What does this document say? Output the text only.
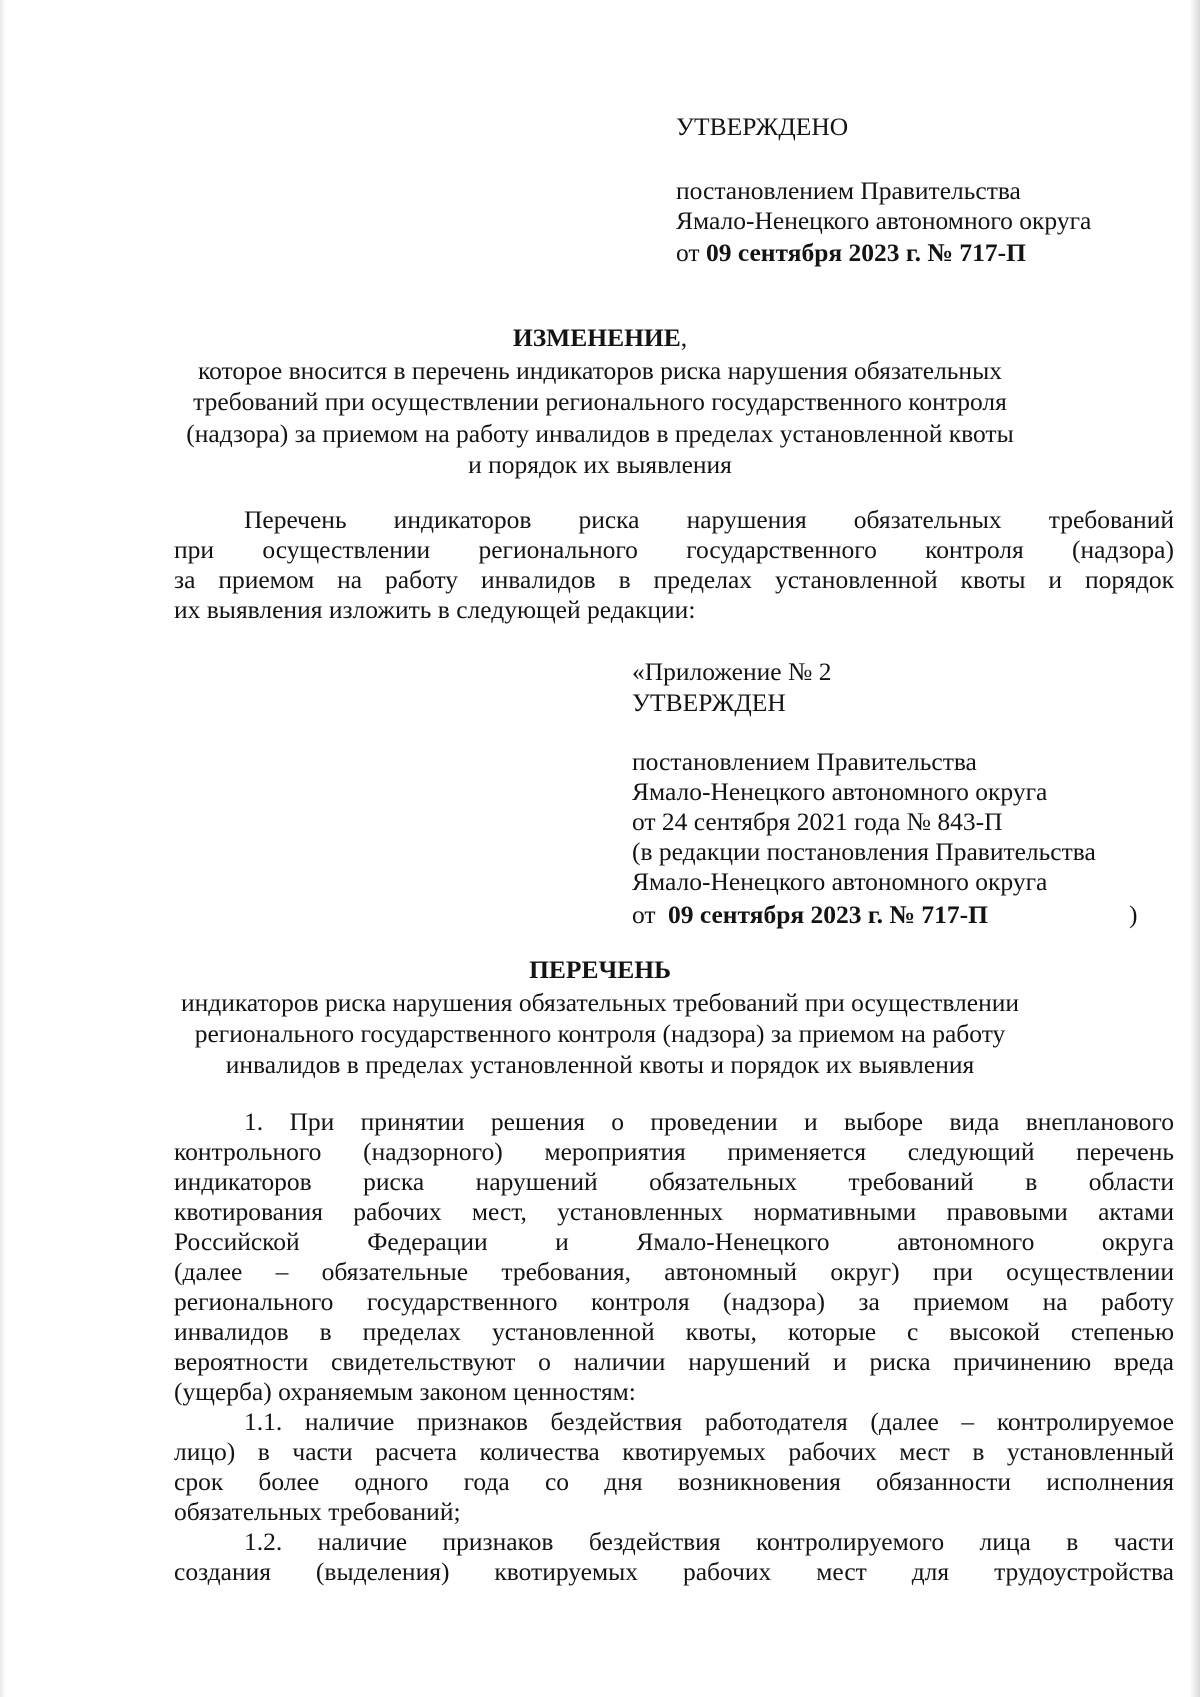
УТВЕРЖДЕНО
постановлением Правительства
Ямало-Ненецкого автономного округа
от 09 сентября 2023 г. № 717-П
ИЗМЕНЕНИЕ,
которое вносится в перечень индикаторов риска нарушения обязательных
требований при осуществлении регионального государственного контроля
(надзора) за приемом на работу инвалидов в пределах установленной квоты
и порядок их выявления
Перечень индикаторов риска нарушения обязательных требований
при осуществлении регионального государственного контроля (надзора)
за приемом на работу инвалидов в пределах установленной квоты и порядок
их выявления изложить в следующей редакции:
«Приложение № 2
УТВЕРЖДЕН
постановлением Правительства
Ямало-Ненецкого автономного округа
от 24 сентября 2021 года № 843-П
(в редакции постановления Правительства
Ямало-Ненецкого автономного округа
от 09 сентября 2023 г. № 717-П	)
ПЕРЕЧЕНЬ
индикаторов риска нарушения обязательных требований при осуществлении
регионального государственного контроля (надзора) за приемом на работу
инвалидов в пределах установленной квоты и порядок их выявления
1. При принятии решения о проведении и выборе вида внепланового
контрольного (надзорного) мероприятия применяется следующий перечень
индикаторов риска нарушений обязательных требований в области
квотирования рабочих мест, установленных нормативными правовыми актами
Российской Федерации и Ямало-Ненецкого автономного округа
(далее – обязательные требования, автономный округ) при осуществлении
регионального государственного контроля (надзора) за приемом на работу
инвалидов в пределах установленной квоты, которые с высокой степенью
вероятности свидетельствуют о наличии нарушений и риска причинению вреда
(ущерба) охраняемым законом ценностям:
1.1. наличие признаков бездействия работодателя (далее – контролируемое
лицо) в части расчета количества квотируемых рабочих мест в установленный
срок более одного года со дня возникновения обязанности исполнения
обязательных требований;
1.2. наличие признаков бездействия контролируемого лица в части
создания (выделения) квотируемых рабочих мест для трудоустройства
